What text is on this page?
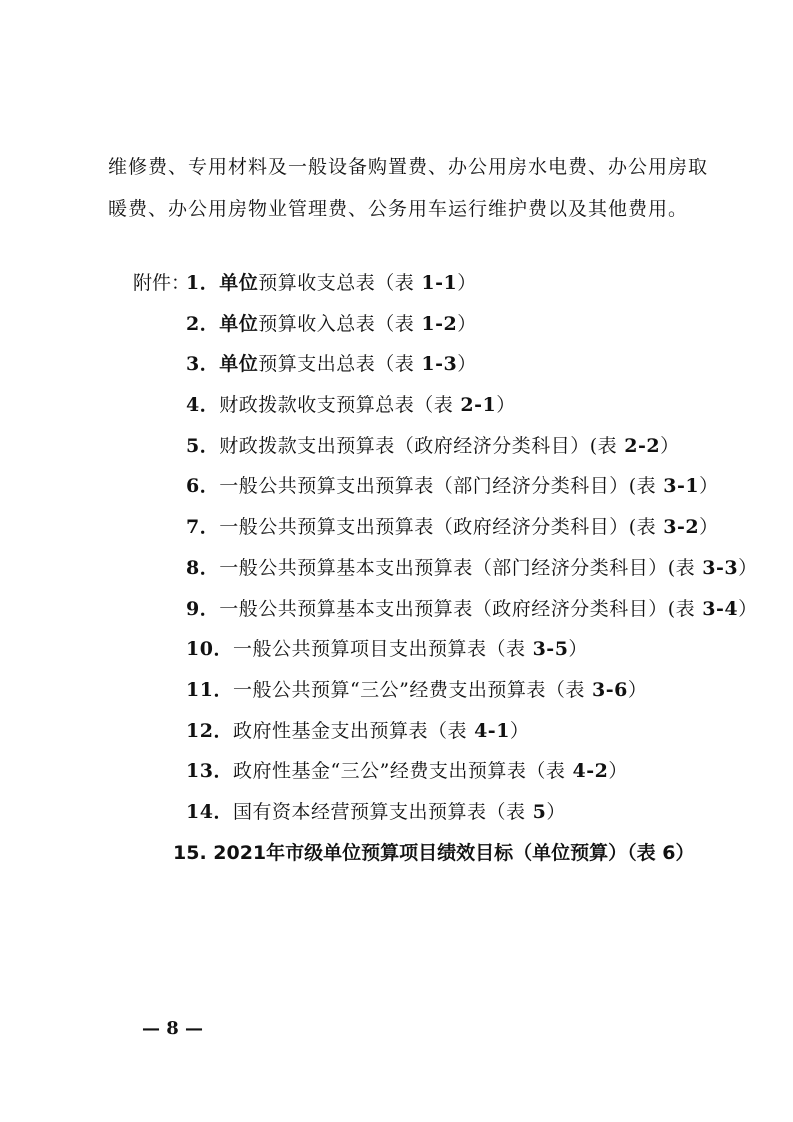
维修费、专用材料及一般设备购置费、办公用房水电费、办公用房取
暖费、办公用房物业管理费、公务用车运行维护费以及其他费用。

附件：
1．单位预算收支总表（表 1-1）
2．单位预算收入总表（表 1-2）
3．单位预算支出总表（表 1-3）
4．财政拨款收支预算总表（表 2-1）
5．财政拨款支出预算表（政府经济分类科目）(表 2-2）
6．一般公共预算支出预算表（部门经济分类科目）(表 3-1）
7．一般公共预算支出预算表（政府经济分类科目）(表 3-2）
8．一般公共预算基本支出预算表（部门经济分类科目）(表 3-3）
9．一般公共预算基本支出预算表（政府经济分类科目）(表 3-4）
10．一般公共预算项目支出预算表（表 3-5）
11．一般公共预算“三公”经费支出预算表（表 3-6）
12．政府性基金支出预算表（表 4-1）
13．政府性基金“三公”经费支出预算表（表 4-2）
14．国有资本经营预算支出预算表（表 5）
15. 2021年市级单位预算项目绩效目标（单位预算）（表 6）
— 8 —
